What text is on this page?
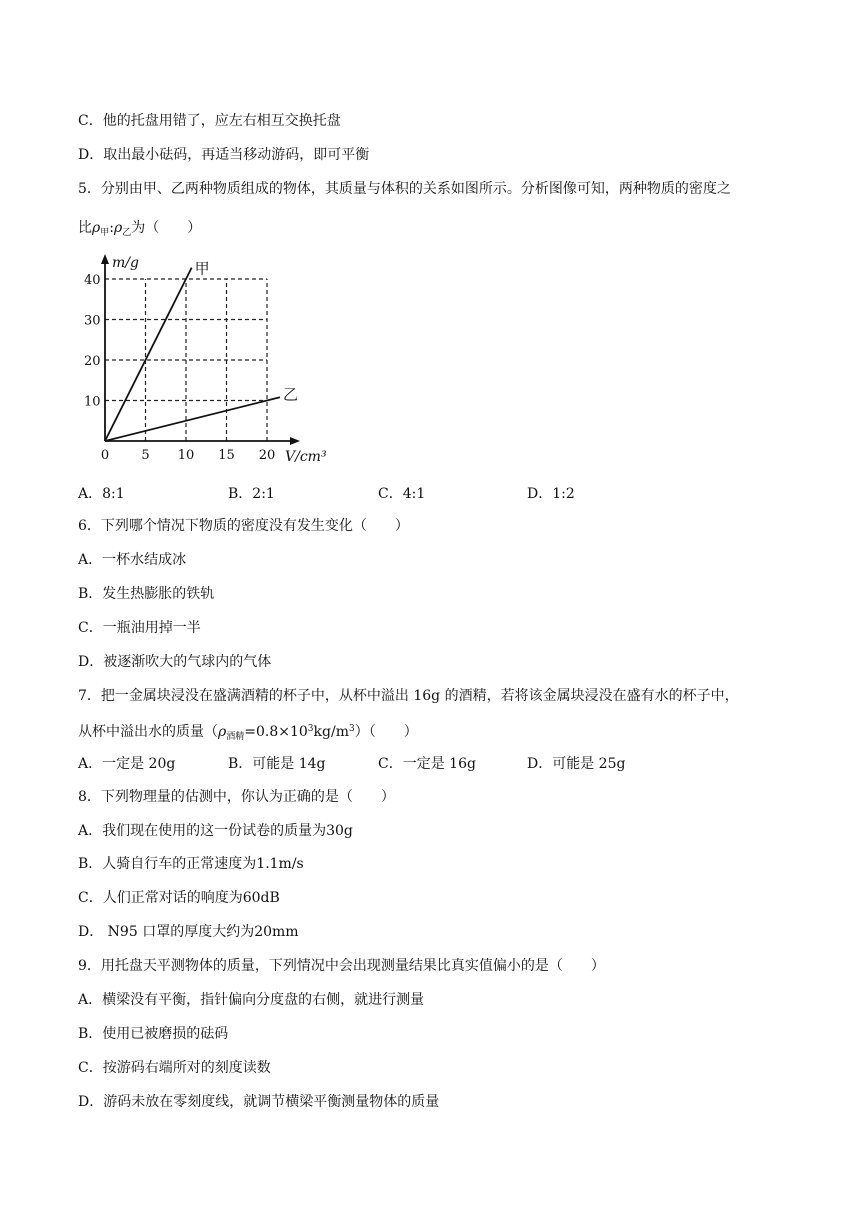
C．他的托盘用错了，应左右相互交换托盘
D．取出最小砝码，再适当移动游码，即可平衡
5．分别由甲、乙两种物质组成的物体，其质量与体积的关系如图所示。分析图像可知，两种物质的密度之
比$\rho_甲:\rho_乙$为（　　）
甲
乙
10
20
30
40
0 5 10 15 20
m/g
V/cm³
A．8:1	B．2:1	C．4:1	D．1:2
6．下列哪个情况下物质的密度没有发生变化（　　）
A．一杯水结成冰
B．发生热膨胀的铁轨
C．一瓶油用掉一半
D．被逐渐吹大的气球内的气体
7．把一金属块浸没在盛满酒精的杯子中，从杯中溢出 16g 的酒精，若将该金属块浸没在盛有水的杯子中，
从杯中溢出水的质量$(\rho_{酒精}=0.8\times 10^3kg/m^3)$（　　）
A．一定是 20g	B．可能是 14g	C．一定是 16g	D．可能是 25g
8．下列物理量的估测中，你认为正确的是（　　）
A．我们现在使用的这一份试卷的质量为30g
B．人骑自行车的正常速度为1.1m/s
C．人们正常对话的响度为60dB
D． N95 口罩的厚度大约为20mm
9．用托盘天平测物体的质量，下列情况中会出现测量结果比真实值偏小的是（　　）
A．横梁没有平衡，指针偏向分度盘的右侧，就进行测量
B．使用已被磨损的砝码
C．按游码右端所对的刻度读数
D．游码未放在零刻度线，就调节横梁平衡测量物体的质量
